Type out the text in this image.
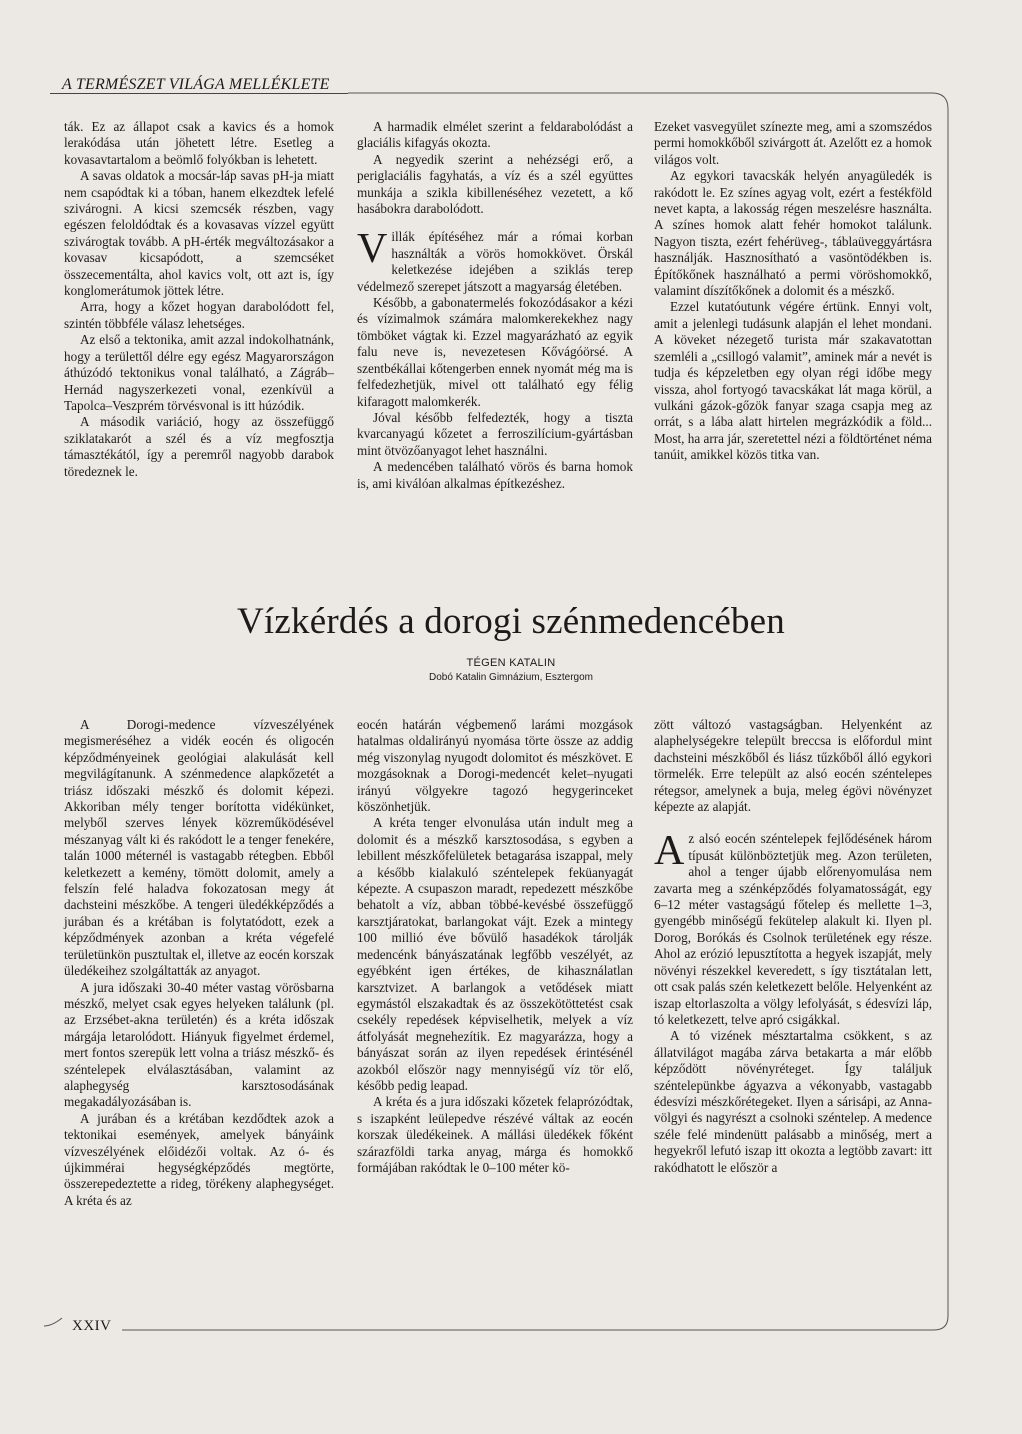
A TERMÉSZET VILÁGA MELLÉKLETE

ták. Ez az állapot csak a kavics és a homok lerakódása után jöhetett létre. Esetleg a kovasavtartalom a beömlő folyókban is lehetett.

A savas oldatok a mocsár-láp savas pH-ja miatt nem csapódtak ki a tóban, hanem elkezdtek lefelé szivárogni. A kicsi szemcsék részben, vagy egészen feloldódtak és a kovasavas vízzel együtt szivárogtak tovább. A pH-érték megváltozásakor a kovasav kicsapódott, a szemcséket összecementálta, ahol kavics volt, ott azt is, így konglomerátumok jöttek létre.

Arra, hogy a kőzet hogyan darabolódott fel, szintén többféle válasz lehetséges.

Az első a tektonika, amit azzal indokolhatnánk, hogy a területtől délre egy egész Magyarországon áthúzódó tektonikus vonal található, a Zágráb–Hernád nagyszerkezeti vonal, ezenkívül a Tapolca–Veszprém törvésvonal is itt húzódik.

A második variáció, hogy az összefüggő sziklatakarót a szél és a víz megfosztja támasztékától, így a peremről nagyobb darabok töredeznek le.

A harmadik elmélet szerint a feldarabolódást a glaciális kifagyás okozta.

A negyedik szerint a nehézségi erő, a periglaciális fagyhatás, a víz és a szél együttes munkája a szikla kibillenéséhez vezetett, a kő hasábokra darabolódott.

Villák építéséhez már a római korban használták a vörös homokkövet. Örskál keletkezése idejében a sziklás terep védelmező szerepet játszott a magyarság életében.

Később, a gabonatermelés fokozódásakor a kézi és vízimalmok számára malomkerekekhez nagy tömböket vágtak ki. Ezzel magyarázható az egyik falu neve is, nevezetesen Kővágóörsé. A szentbékállai kőtengerben ennek nyomát még ma is felfedezhetjük, mivel ott található egy félig kifaragott malomkerék.

Jóval később felfedezték, hogy a tiszta kvarcanyagú kőzetet a ferroszilícium-gyártásban mint ötvözőanyagot lehet használni.

A medencében található vörös és barna homok is, ami kiválóan alkalmas építkezéshez.

Ezeket vasvegyület színezte meg, ami a szomszédos permi homokkőből szivárgott át. Azelőtt ez a homok világos volt.

Az egykori tavacskák helyén anyagüledék is rakódott le. Ez színes agyag volt, ezért a festékföld nevet kapta, a lakosság régen meszelésre használta. A színes homok alatt fehér homokot találunk. Nagyon tiszta, ezért fehérüveg-, táblaüveggyártásra használják. Hasznosítható a vasöntödékben is. Építőkőnek használható a permi vöröshomokkő, valamint díszítőkőnek a dolomit és a mészkő.

Ezzel kutatóutunk végére értünk. Ennyi volt, amit a jelenlegi tudásunk alapján el lehet mondani. A köveket nézegető turista már szakavatottan szemléli a „csillogó valamit”, aminek már a nevét is tudja és képzeletben egy olyan régi időbe megy vissza, ahol fortyogó tavacskákat lát maga körül, a vulkáni gázok-gőzök fanyar szaga csapja meg az orrát, s a lába alatt hirtelen megrázkódik a föld... Most, ha arra jár, szeretettel nézi a földtörténet néma tanúit, amikkel közös titka van.

Vízkérdés a dorogi szénmedencében
TÉGEN KATALIN
Dobó Katalin Gimnázium, Esztergom

A Dorogi-medence vízveszélyének megismeréséhez a vidék eocén és oligocén képződményeinek geológiai alakulását kell megvilágítanunk. A szénmedence alapkőzetét a triász időszaki mészkő és dolomit képezi. Akkoriban mély tenger borította vidékünket, melyből szerves lények közreműködésével mészanyag vált ki és rakódott le a tenger fenekére, talán 1000 méternél is vastagabb rétegben. Ebből keletkezett a kemény, tömött dolomit, amely a felszín felé haladva fokozatosan megy át dachsteini mészkőbe. A tengeri üledékképződés a jurában és a krétában is folytatódott, ezek a képződmények azonban a kréta végefelé területünkön pusztultak el, illetve az eocén korszak üledékeihez szolgáltatták az anyagot.

A jura időszaki 30-40 méter vastag vörösbarna mészkő, melyet csak egyes helyeken találunk (pl. az Erzsébet-akna területén) és a kréta időszak márgája letarolódott. Hiányuk figyelmet érdemel, mert fontos szerepük lett volna a triász mészkő- és széntelepek elválasztásában, valamint az alaphegység karsztosodásának megakadályozásában is.

A jurában és a krétában kezdődtek azok a tektonikai események, amelyek bányáink vízveszélyének előidézői voltak. Az ó- és újkimmérai hegységképződés megtörte, összerepedeztette a rideg, törékeny alaphegységet. A kréta és az

eocén határán végbemenő larámi mozgások hatalmas oldalirányú nyomása törte össze az addig még viszonylag nyugodt dolomitot és mészkövet. E mozgásoknak a Dorogi-medencét kelet–nyugati irányú völgyekre tagozó hegygerinceket köszönhetjük.

A kréta tenger elvonulása után indult meg a dolomit és a mészkő karsztosodása, s egyben a lebillent mészkőfelületek betagarása iszappal, mely a később kialakuló széntelepek feküanyagát képezte. A csupaszon maradt, repedezett mészkőbe behatolt a víz, abban többé-kevésbé összefüggő karsztjáratokat, barlangokat vájt. Ezek a mintegy 100 millió éve bővülő hasadékok tárolják medencénk bányászatának legfőbb veszélyét, az egyébként igen értékes, de kihasználatlan karsztvizet. A barlangok a vetődések miatt egymástól elszakadtak és az összekötöttetést csak csekély repedések képviselhetik, melyek a víz átfolyását megnehezítik. Ez magyarázza, hogy a bányászat során az ilyen repedések érintésénél azokból először nagy mennyiségű víz tör elő, később pedig leapad.

A kréta és a jura időszaki kőzetek felaprózódtak, s iszapként leülepedve részévé váltak az eocén korszak üledékeinek. A mállási üledékek főként szárazföldi tarka anyag, márga és homokkő formájában rakódtak le 0–100 méter kö-

zött változó vastagságban. Helyenként az alaphelységekre települt breccsa is előfordul mint dachsteini mészkőből és liász tűzkőből álló egykori törmelék. Erre települt az alsó eocén széntelepes rétegsor, amelynek a buja, meleg égövi növényzet képezte az alapját.

Az alsó eocén széntelepek fejlődésének három típusát különböztetjük meg. Azon területen, ahol a tenger újabb előrenyomulása nem zavarta meg a szénképződés folyamatosságát, egy 6–12 méter vastagságú főtelep és mellette 1–3, gyengébb minőségű fekütelep alakult ki. Ilyen pl. Dorog, Borókás és Csolnok területének egy része. Ahol az erózió lepusztította a hegyek iszapját, mely növényi részekkel keveredett, s így tisztátalan lett, ott csak palás szén keletkezett belőle. Helyenként az iszap eltorlaszolta a völgy lefolyását, s édesvízi láp, tó keletkezett, telve apró csigákkal.

A tó vizének mésztartalma csökkent, s az állatvilágot magába zárva betakarta a már előbb képződött növényréteget. Így találjuk széntelepünkbe ágyazva a vékonyabb, vastagabb édesvízi mészkőrétegeket. Ilyen a sárisápi, az Anna-völgyi és nagyrészt a csolnoki széntelep. A medence széle felé mindenütt palásabb a minőség, mert a hegyekről lefutó iszap itt okozta a legtöbb zavart: itt rakódhatott le először a

XXIV
